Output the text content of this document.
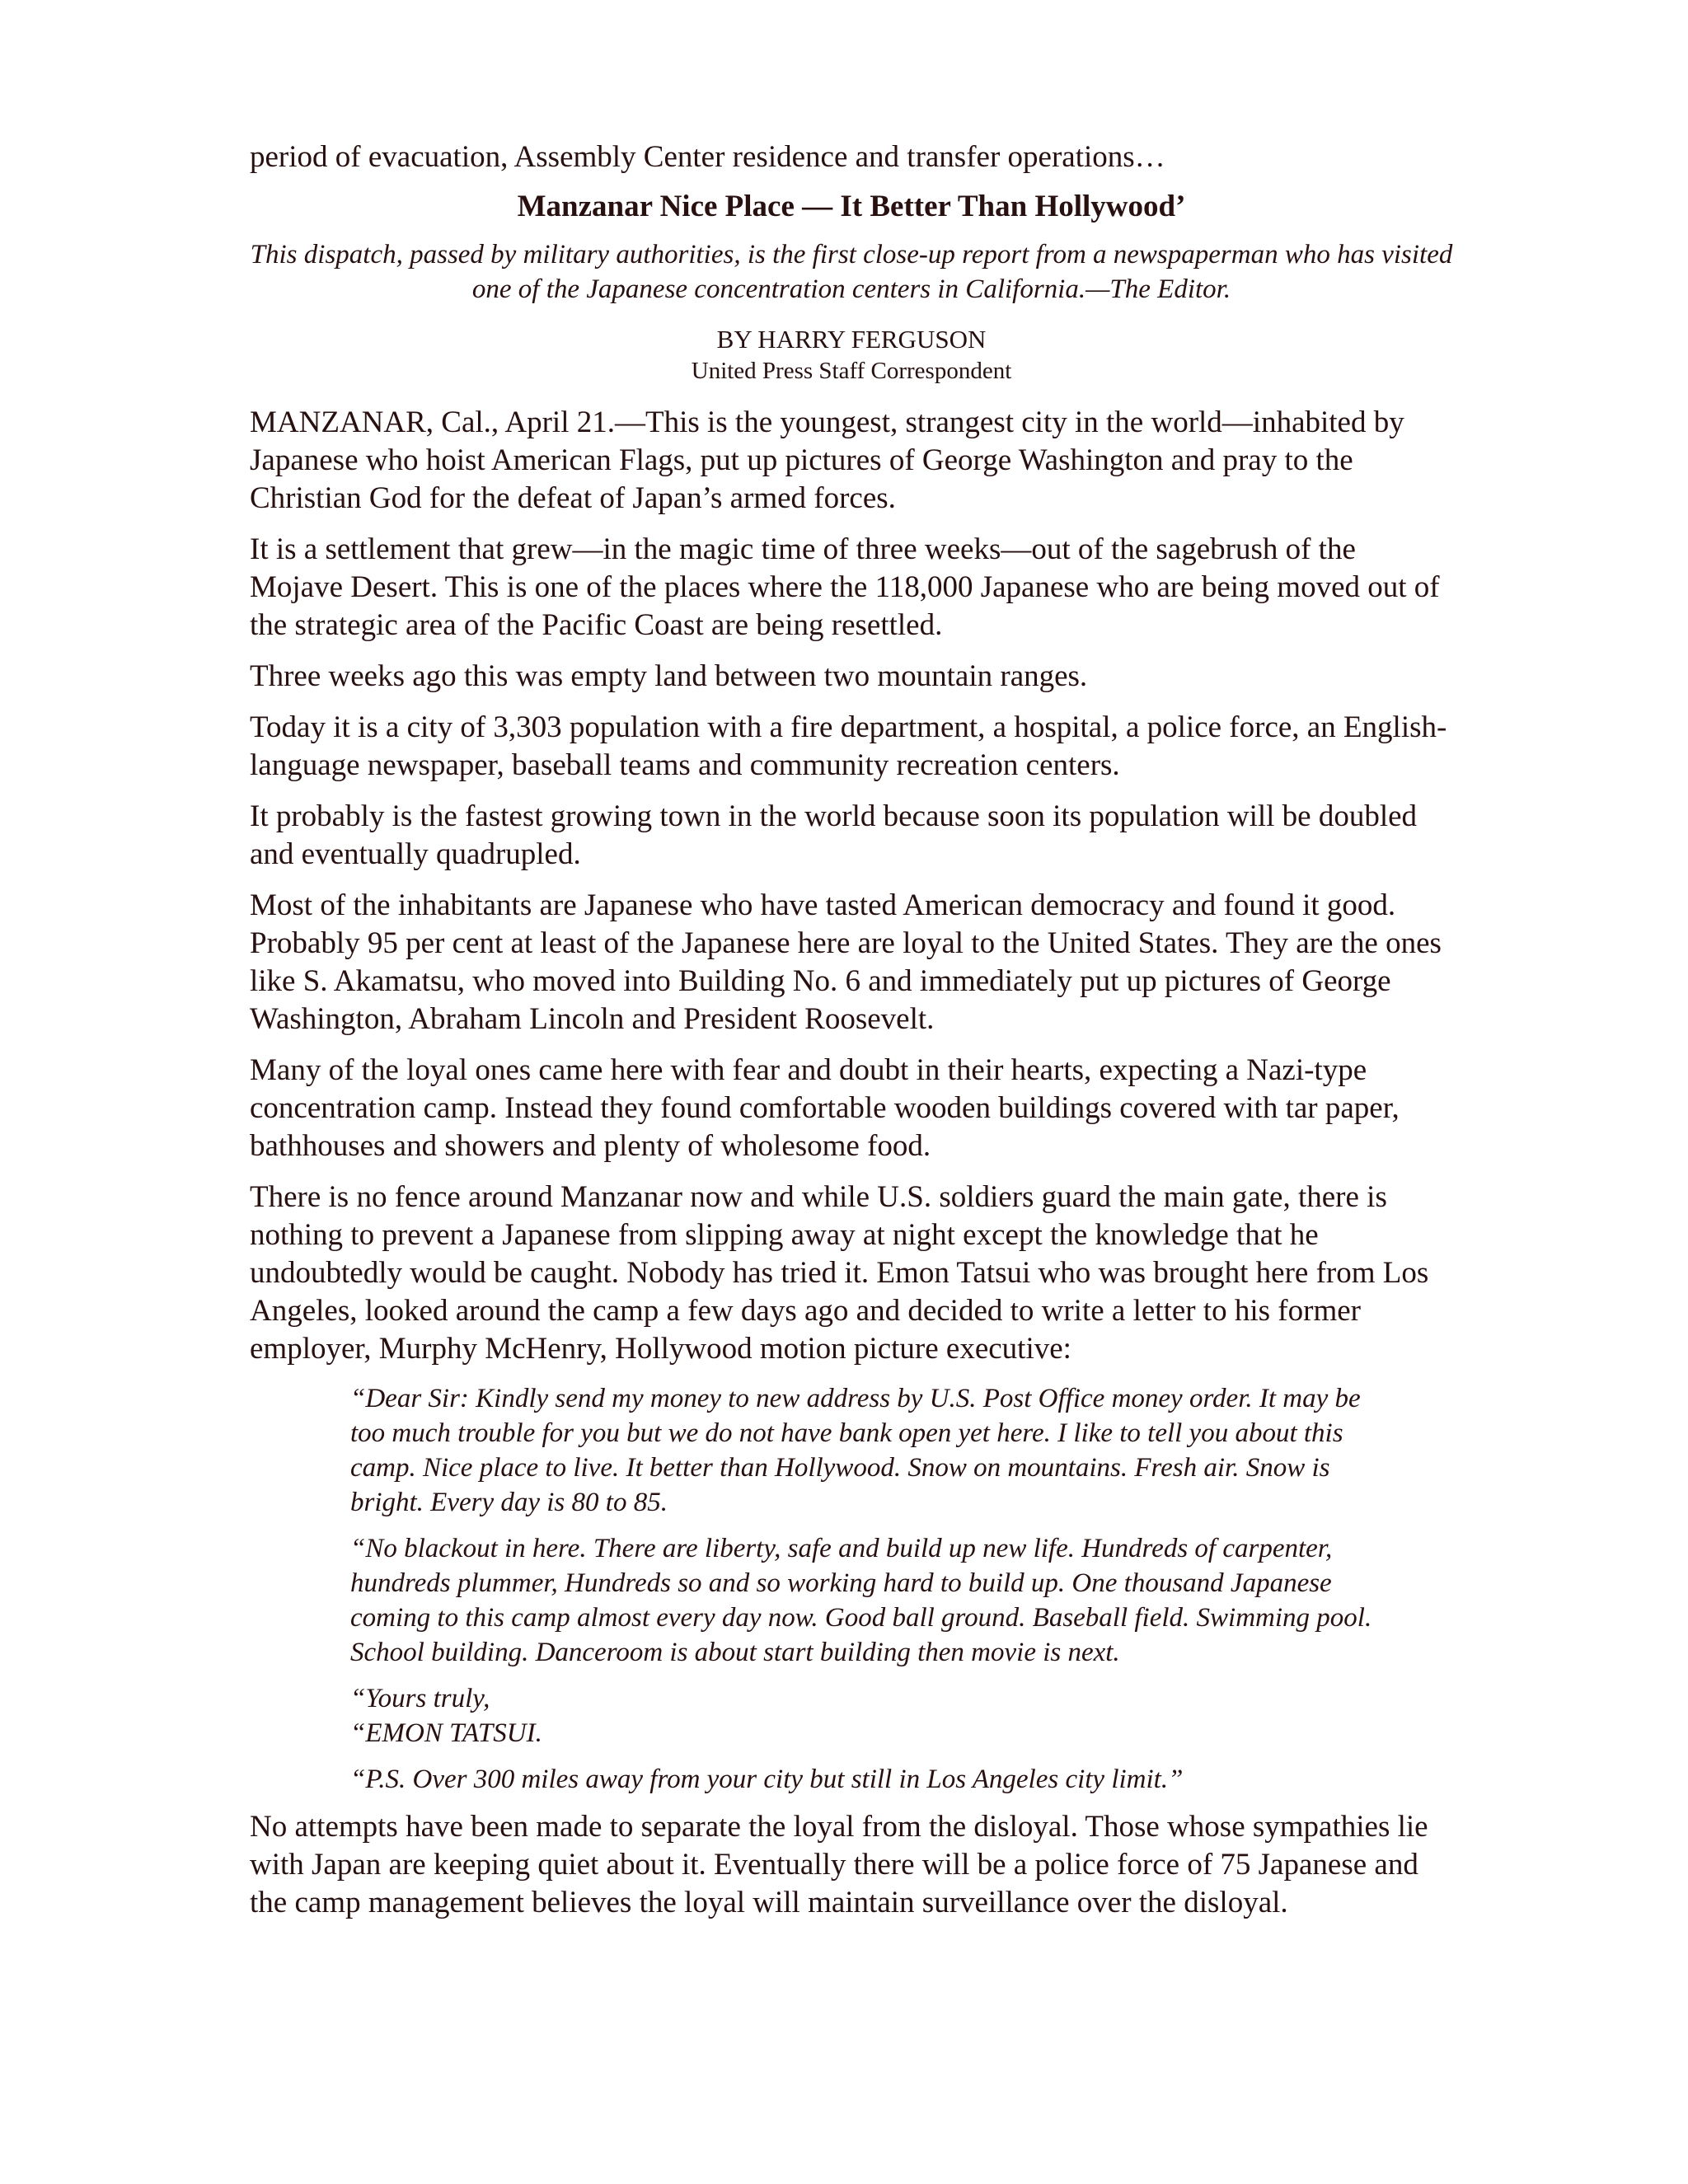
period of evacuation, Assembly Center residence and transfer operations…

Manzanar Nice Place — It Better Than Hollywood’

This dispatch, passed by military authorities, is the first close-up report from a newspaperman who has visited one of the Japanese concentration centers in California.—The Editor.

BY HARRY FERGUSON

United Press Staff Correspondent

MANZANAR, Cal., April 21.—This is the youngest, strangest city in the world—inhabited by Japanese who hoist American Flags, put up pictures of George Washington and pray to the Christian God for the defeat of Japan’s armed forces.

It is a settlement that grew—in the magic time of three weeks—out of the sagebrush of the Mojave Desert. This is one of the places where the 118,000 Japanese who are being moved out of the strategic area of the Pacific Coast are being resettled.

Three weeks ago this was empty land between two mountain ranges.

Today it is a city of 3,303 population with a fire department, a hospital, a police force, an English-language newspaper, baseball teams and community recreation centers.

It probably is the fastest growing town in the world because soon its population will be doubled and eventually quadrupled.

Most of the inhabitants are Japanese who have tasted American democracy and found it good. Probably 95 per cent at least of the Japanese here are loyal to the United States. They are the ones like S. Akamatsu, who moved into Building No. 6 and immediately put up pictures of George Washington, Abraham Lincoln and President Roosevelt.

Many of the loyal ones came here with fear and doubt in their hearts, expecting a Nazi-type concentration camp. Instead they found comfortable wooden buildings covered with tar paper, bathhouses and showers and plenty of wholesome food.

There is no fence around Manzanar now and while U.S. soldiers guard the main gate, there is nothing to prevent a Japanese from slipping away at night except the knowledge that he undoubtedly would be caught. Nobody has tried it. Emon Tatsui who was brought here from Los Angeles, looked around the camp a few days ago and decided to write a letter to his former employer, Murphy McHenry, Hollywood motion picture executive:

“Dear Sir: Kindly send my money to new address by U.S. Post Office money order. It may be too much trouble for you but we do not have bank open yet here. I like to tell you about this camp. Nice place to live. It better than Hollywood. Snow on mountains. Fresh air. Snow is bright. Every day is 80 to 85.

“No blackout in here. There are liberty, safe and build up new life. Hundreds of carpenter, hundreds plummer, Hundreds so and so working hard to build up. One thousand Japanese coming to this camp almost every day now. Good ball ground. Baseball field. Swimming pool. School building. Danceroom is about start building then movie is next.

“Yours truly,
“EMON TATSUI.

“P.S. Over 300 miles away from your city but still in Los Angeles city limit.”

No attempts have been made to separate the loyal from the disloyal. Those whose sympathies lie with Japan are keeping quiet about it. Eventually there will be a police force of 75 Japanese and the camp management believes the loyal will maintain surveillance over the disloyal.
